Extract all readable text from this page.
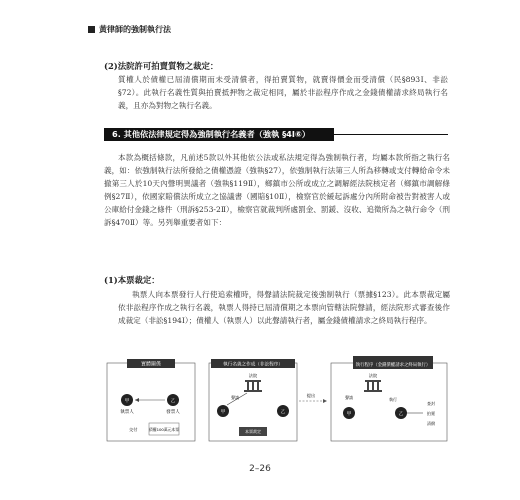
黃律師的強制執行法
(2)法院許可拍賣質物之裁定：
質權人於債權已屆清償期而未受清償者，得拍賣質物，就賣得價金而受清償（民§893Ⅰ、非訟§72）。此執行名義性質與拍賣抵押物之裁定相同，屬於非訟程序作成之金錢債權請求終局執行名義，且亦為對物之執行名義。
6. 其他依法律規定得為強制執行名義者（強執 §4Ⅰ⑥）
本款為概括條款，凡前述5款以外其他依公法或私法規定得為強制執行者，均屬本款所指之執行名義，如：依強制執行法所發給之債權憑證（強執§27），依強制執行法第三人所為移轉或支付轉給命令未撤第三人於10天內聲明異議者（強執§119Ⅱ），鄉鎮市公所或成立之調解經法院核定者（鄉鎮市調解條例§27Ⅱ），依國家賠償法所成立之協議書（國賠§10Ⅱ），檢察官於緩起訴處分內所附命被告對被害人或公庫給付金錢之條件（刑訴§253-2Ⅱ），檢察官就裁判所處罰金、罰鍰、沒收、追徵所為之執行命令（刑訴§470Ⅱ）等。另列舉重要者如下：
(1)本票裁定：
執票人向本票發行人行使追索權時，得聲請法院裁定後強制執行（票據§123）。此本票裁定屬依非訟程序作成之執行名義，執票人得持已屆清償期之本票向管轄法院聲請，經法院形式審查後作成裁定（非訟§194Ⅰ）；債權人（執票人）以此聲請執行者，屬金錢債權請求之終局執行程序。
實體關係
甲
執票人
乙
發票人
交付	債權100萬元本票
執行名義之作成（非訟程序）
法院
甲	乙
聲請
本票裁定
提出
執行程序（金錢債權請求之終局執行）
法院
甲
聲請
乙
執行
查封
拍賣
清償
2–26
